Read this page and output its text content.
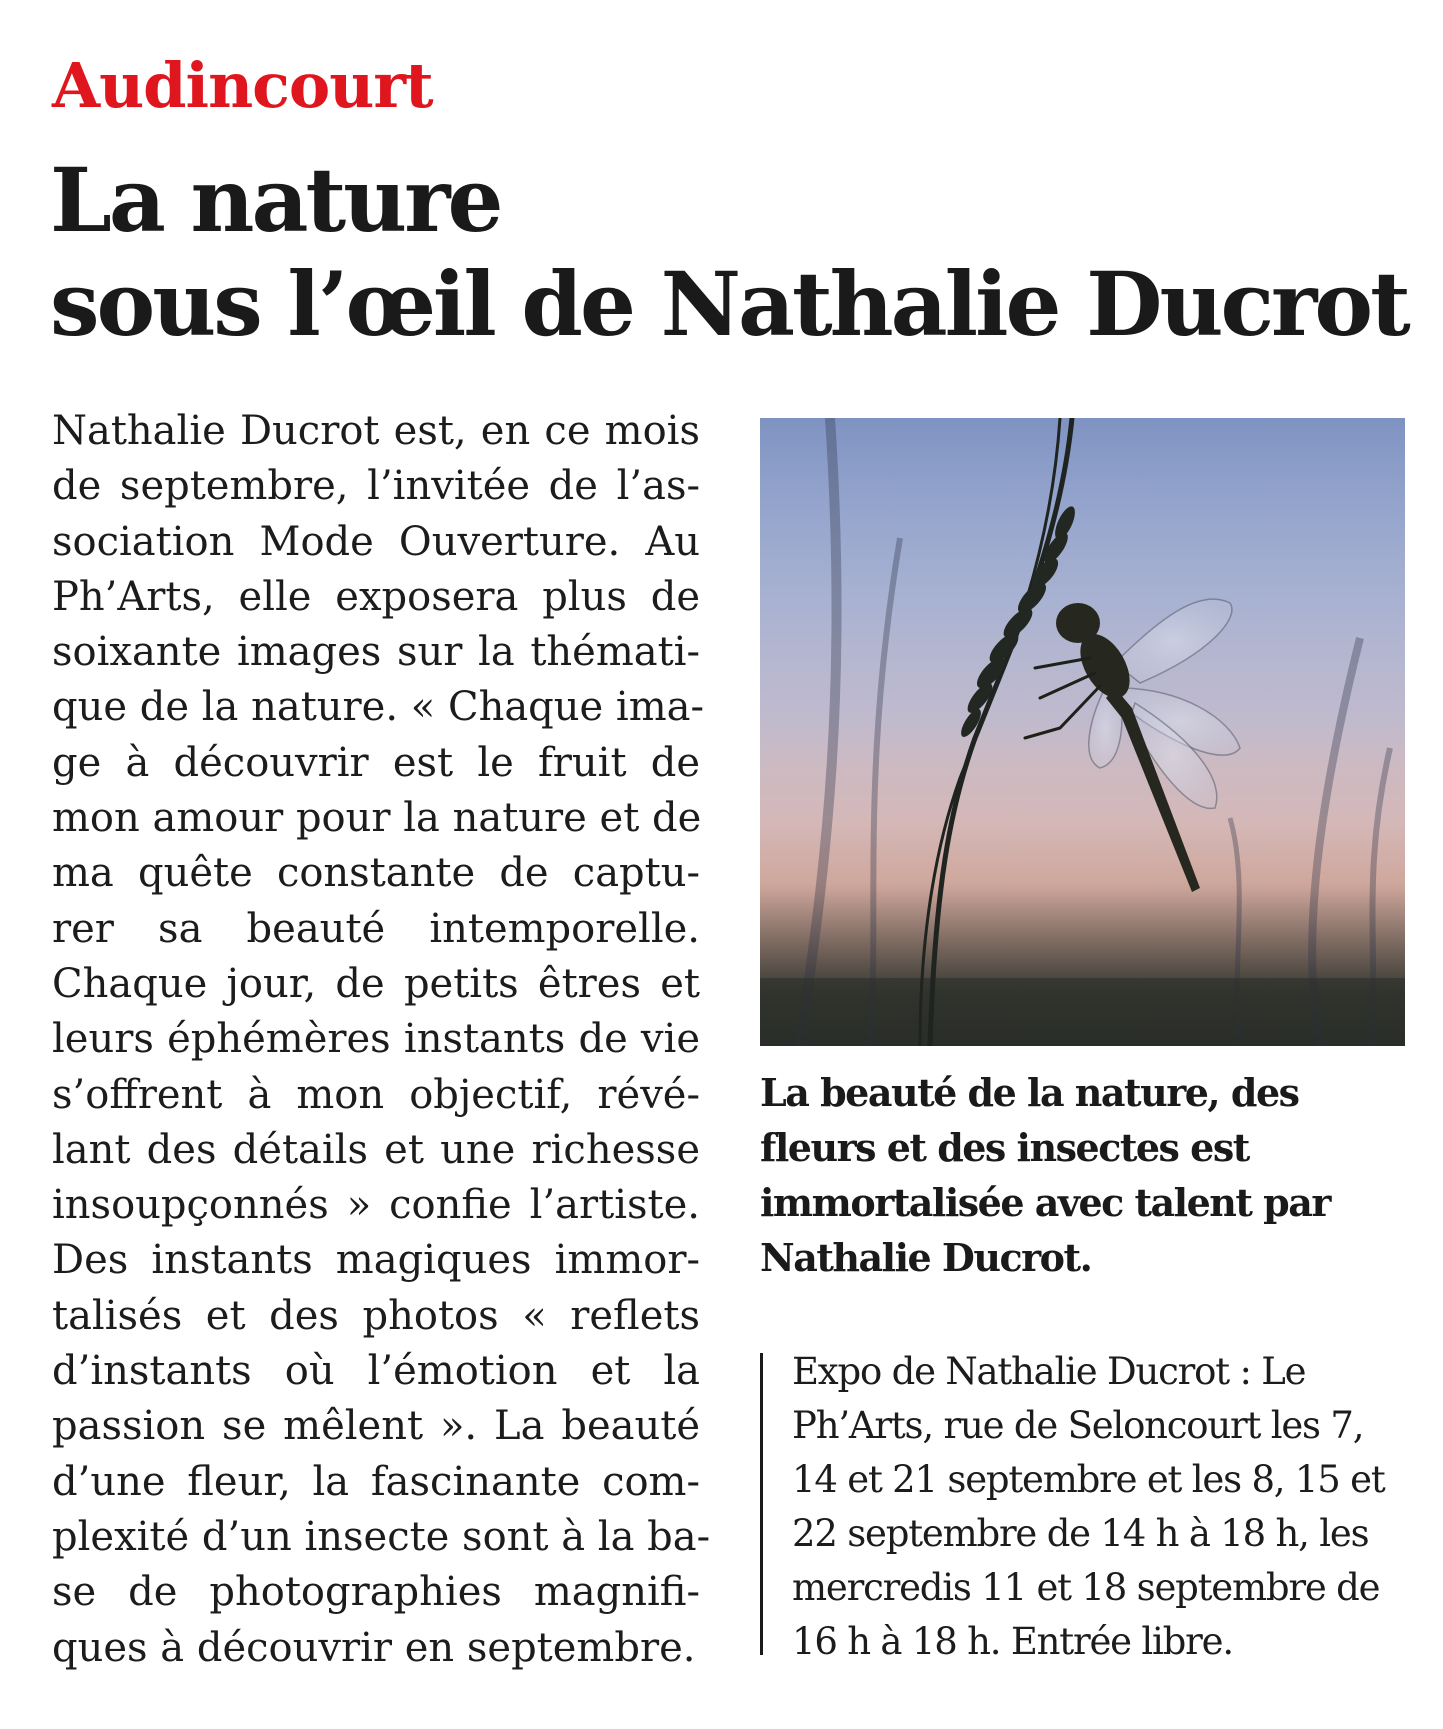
Audincourt
La nature
sous l’œil de Nathalie Ducrot
Nathalie Ducrot est, en ce mois
de septembre, l’invitée de l’as-
sociation Mode Ouverture. Au
Ph’Arts, elle exposera plus de
soixante images sur la thémati-
que de la nature. « Chaque ima-
ge à découvrir est le fruit de
mon amour pour la nature et de
ma quête constante de captu-
rer sa beauté intemporelle.
Chaque jour, de petits êtres et
leurs éphémères instants de vie
s’offrent à mon objectif, révé-
lant des détails et une richesse
insoupçonnés » confie l’artiste.
Des instants magiques immor-
talisés et des photos « reflets
d’instants où l’émotion et la
passion se mêlent ». La beauté
d’une fleur, la fascinante com-
plexité d’un insecte sont à la ba-
se de photographies magnifi-
ques à découvrir en septembre.
La beauté de la nature, des
fleurs et des insectes est
immortalisée avec talent par
Nathalie Ducrot.
Expo de Nathalie Ducrot : Le
Ph’Arts, rue de Seloncourt les 7,
14 et 21 septembre et les 8, 15 et
22 septembre de 14 h à 18 h, les
mercredis 11 et 18 septembre de
16 h à 18 h. Entrée libre.
